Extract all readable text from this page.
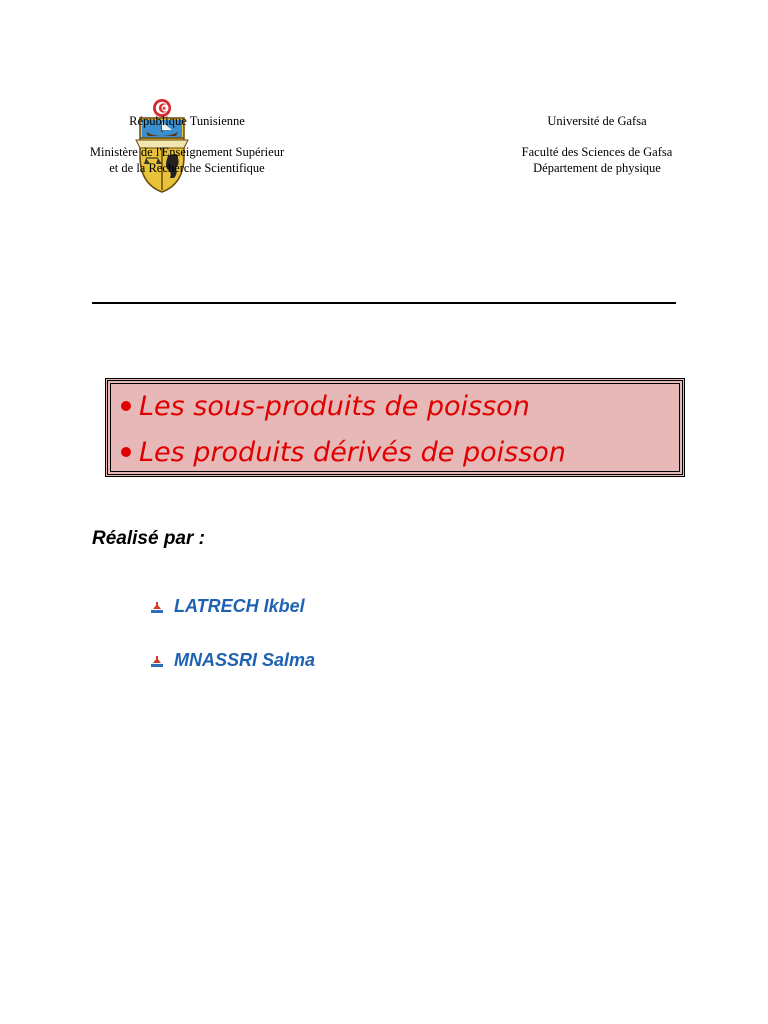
République Tunisienne
Ministère de l'Enseignement Supérieur
et de la Recherche Scientifique
Université de Gafsa
Faculté des Sciences de Gafsa
Département de physique
Les sous-produits de poisson
Les produits dérivés de poisson
Réalisé par :
LATRECH Ikbel
MNASSRI Salma
